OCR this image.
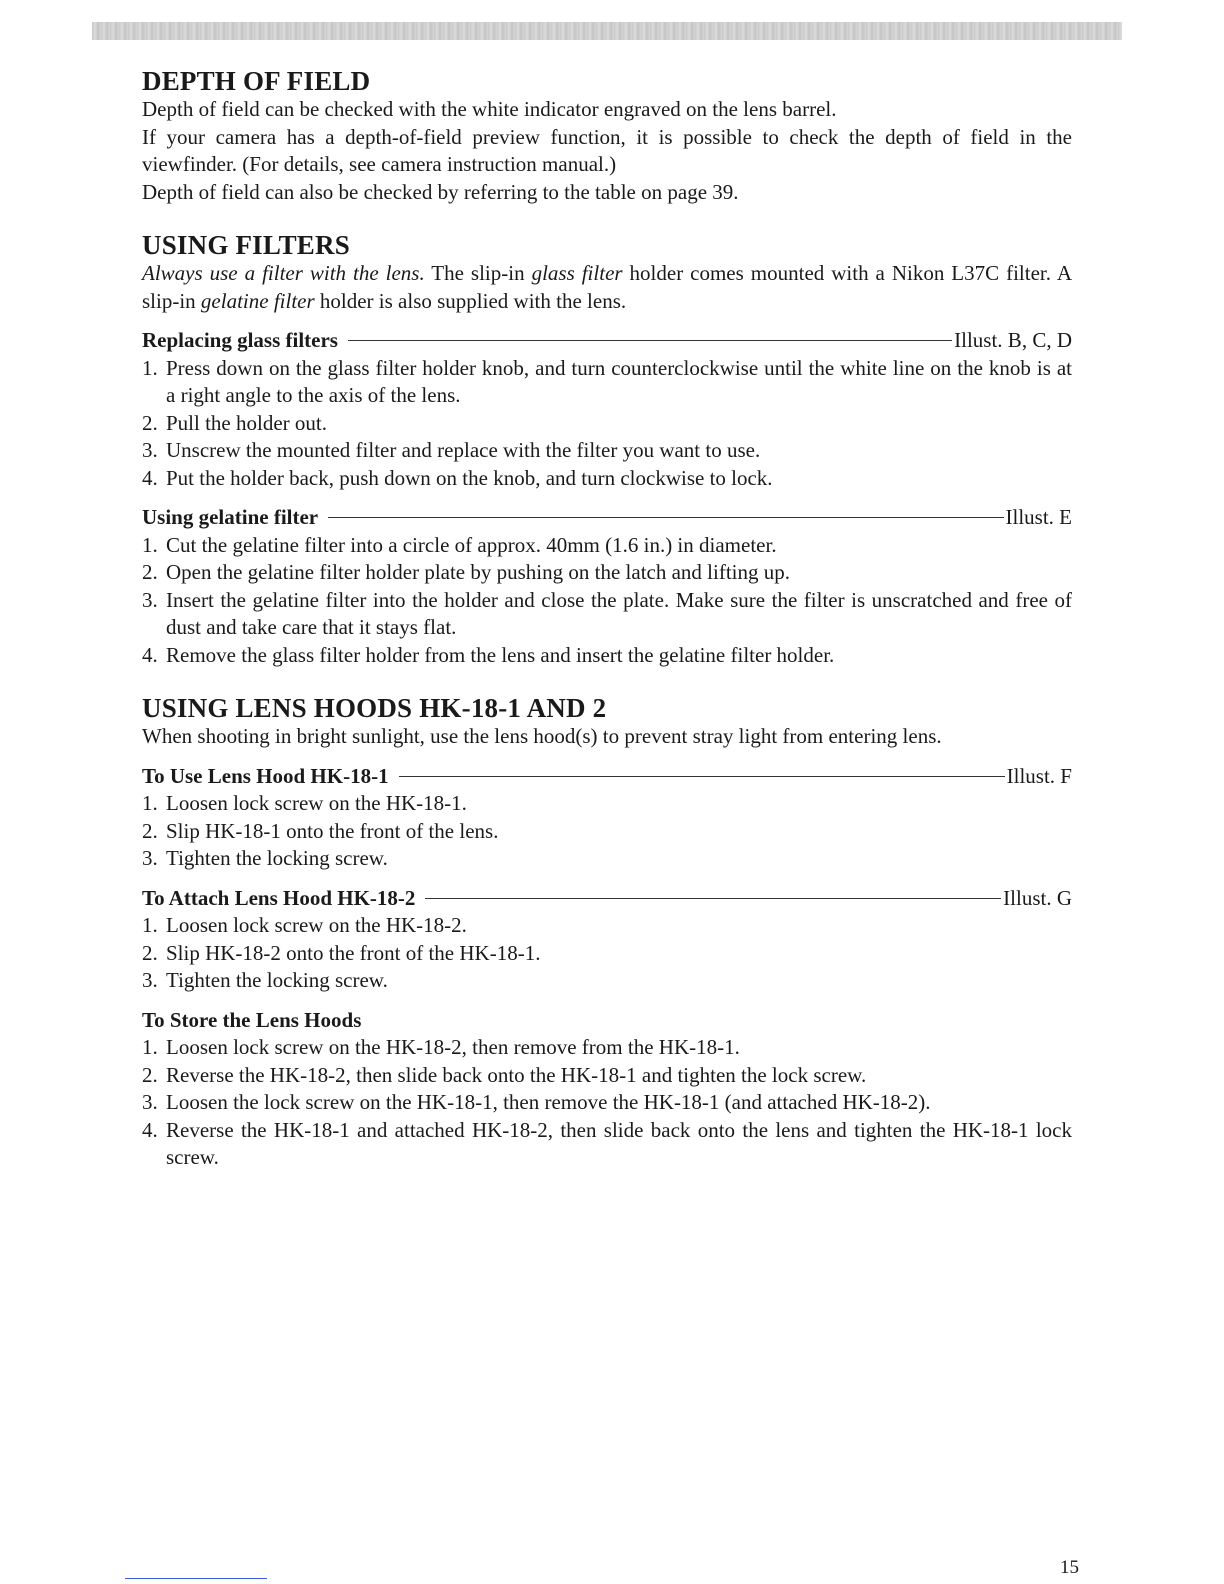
DEPTH OF FIELD

Depth of field can be checked with the white indicator engraved on the lens barrel.

If your camera has a depth-of-field preview function, it is possible to check the depth of field in the viewfinder. (For details, see camera instruction manual.)

Depth of field can also be checked by referring to the table on page 39.

USING FILTERS

Always use a filter with the lens. The slip-in glass filter holder comes mounted with a Nikon L37C filter. A slip-in gelatine filter holder is also supplied with the lens.

Replacing glass filters	Illust. B, C, D
1. Press down on the glass filter holder knob, and turn counterclockwise until the white line on the knob is at a right angle to the axis of the lens.
2. Pull the holder out.
3. Unscrew the mounted filter and replace with the filter you want to use.
4. Put the holder back, push down on the knob, and turn clockwise to lock.
Using gelatine filter	Illust. E
1. Cut the gelatine filter into a circle of approx. 40mm (1.6 in.) in diameter.
2. Open the gelatine filter holder plate by pushing on the latch and lifting up.
3. Insert the gelatine filter into the holder and close the plate. Make sure the filter is unscratched and free of dust and take care that it stays flat.
4. Remove the glass filter holder from the lens and insert the gelatine filter holder.
USING LENS HOODS HK-18-1 AND 2

When shooting in bright sunlight, use the lens hood(s) to prevent stray light from entering lens.

To Use Lens Hood HK-18-1	Illust. F
1. Loosen lock screw on the HK-18-1.
2. Slip HK-18-1 onto the front of the lens.
3. Tighten the locking screw.
To Attach Lens Hood HK-18-2	Illust. G
1. Loosen lock screw on the HK-18-2.
2. Slip HK-18-2 onto the front of the HK-18-1.
3. Tighten the locking screw.
To Store the Lens Hoods
1. Loosen lock screw on the HK-18-2, then remove from the HK-18-1.
2. Reverse the HK-18-2, then slide back onto the HK-18-1 and tighten the lock screw.
3. Loosen the lock screw on the HK-18-1, then remove the HK-18-1 (and attached HK-18-2).
4. Reverse the HK-18-1 and attached HK-18-2, then slide back onto the lens and tighten the HK-18-1 lock screw.
15
